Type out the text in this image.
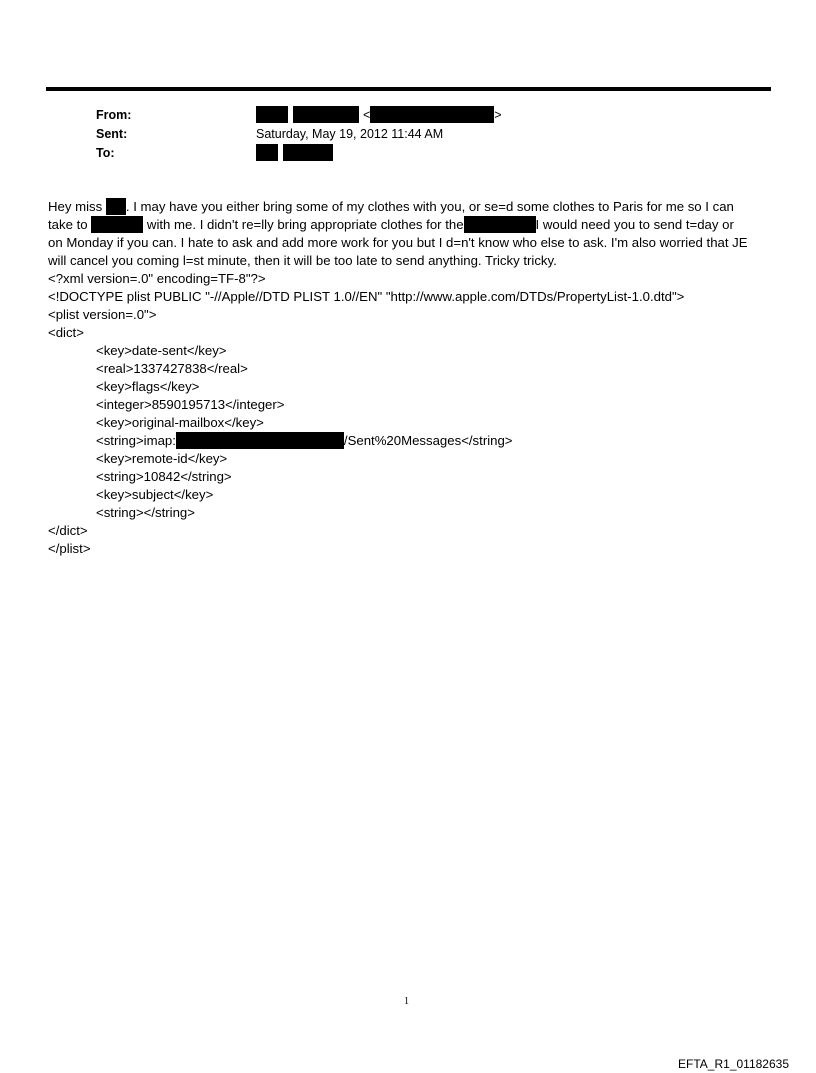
From:	<	>
Sent:	Saturday, May 19, 2012 11:44 AM
To:

Hey miss . I may have you either bring some of my clothes with you, or se=d some clothes to Paris for me so I can
take to	with me. I didn't re=lly bring appropriate clothes for the	I would need you to send t=day or
on Monday if you can. I hate to ask and add more work for you but I d=n't know who else to ask. I'm also worried that JE
will cancel you coming l=st minute, then it will be too late to send anything. Tricky tricky.
<?xml version=.0" encoding=TF-8"?>
<!DOCTYPE plist PUBLIC "-//Apple//DTD PLIST 1.0//EN" "http://www.apple.com/DTDs/PropertyList-1.0.dtd">
<plist version=.0">
<dict>
<key>date-sent</key>
<real>1337427838</real>
<key>flags</key>
<integer>8590195713</integer>
<key>original-mailbox</key>
<string>imap:	/Sent%20Messages</string>
<key>remote-id</key>
<string>10842</string>
<key>subject</key>
<string></string>
</dict>
</plist>
1
EFTA_R1_01182635
